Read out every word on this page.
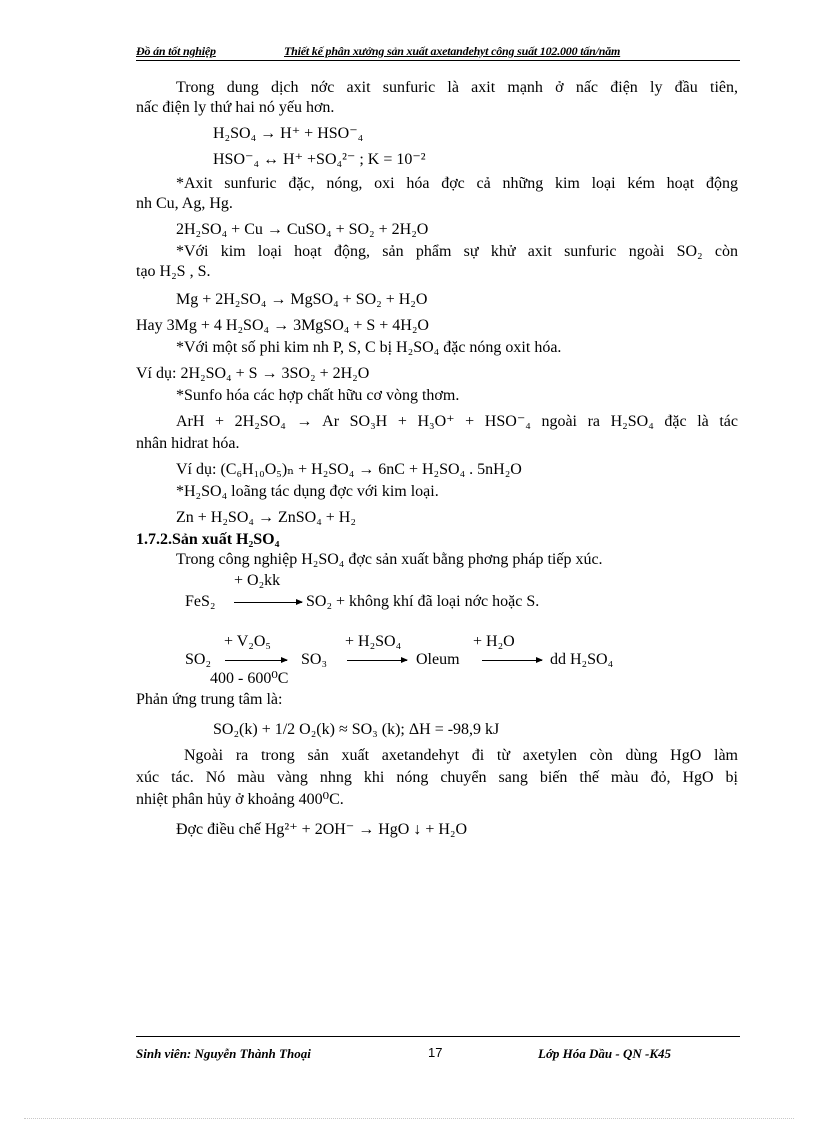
Đồ án tốt nghiệp	Thiết kế phân xưởng sản xuất axetandehyt công suất 102.000 tấn/năm
Trong dung dịch nớc axit sunfuric là axit mạnh ở nấc điện ly đầu tiên,
nấc điện ly thứ hai nó yếu hơn.
H₂SO₄ → H⁺ + HSO⁻₄
HSO⁻₄ ↔ H⁺ +SO₄²⁻ ; K = 10⁻²
*Axit sunfuric đặc, nóng, oxi hóa đợc cả những kim loại kém hoạt động
nh Cu, Ag, Hg.
2H₂SO₄ + Cu → CuSO₄ + SO₂ + 2H₂O
*Với kim loại hoạt động, sản phẩm sự khử axit sunfuric ngoài SO₂ còn
tạo H₂S , S.
Mg + 2H₂SO₄ → MgSO₄ + SO₂ + H₂O
Hay 3Mg + 4 H₂SO₄ → 3MgSO₄ + S + 4H₂O
*Với một số phi kim nh P, S, C bị H₂SO₄ đặc nóng oxit hóa.
Ví dụ: 2H₂SO₄ + S → 3SO₂ + 2H₂O
*Sunfo hóa các hợp chất hữu cơ vòng thơm.
ArH + 2H₂SO₄ → Ar SO₃H + H₃O⁺ + HSO⁻₄ ngoài ra H₂SO₄ đặc là tác
nhân hidrat hóa.
Ví dụ: (C₆H₁₀O₅)ₙ + H₂SO₄ → 6nC + H₂SO₄ . 5nH₂O
*H₂SO₄ loãng tác dụng đợc với kim loại.
Zn + H₂SO₄ → ZnSO₄ + H₂
1.7.2.Sản xuất H₂SO₄
Trong công nghiệp H₂SO₄ đợc sản xuất bằng phơng pháp tiếp xúc.
+ O₂kk
FeS₂	SO₂ + không khí đã loại nớc hoặc S.
+ V₂O₅	+ H₂SO₄	+ H₂O
SO₂	SO₃	Oleum	dd H₂SO₄
400 - 600⁰C
Phản ứng trung tâm là:
SO₂(k) + 1/2 O₂(k) ≈ SO₃ (k); ΔH = -98,9 kJ
Ngoài ra trong sản xuất axetandehyt đi từ axetylen còn dùng HgO làm
xúc tác. Nó màu vàng nhng khi nóng chuyển sang biến thế màu đỏ, HgO bị
nhiệt phân hủy ở khoảng 400⁰C.
Đợc điều chế Hg²⁺ + 2OH⁻ → HgO ↓ + H₂O
Sinh viên: Nguyễn Thành Thoại	17	Lớp Hóa Dầu - QN -K45
